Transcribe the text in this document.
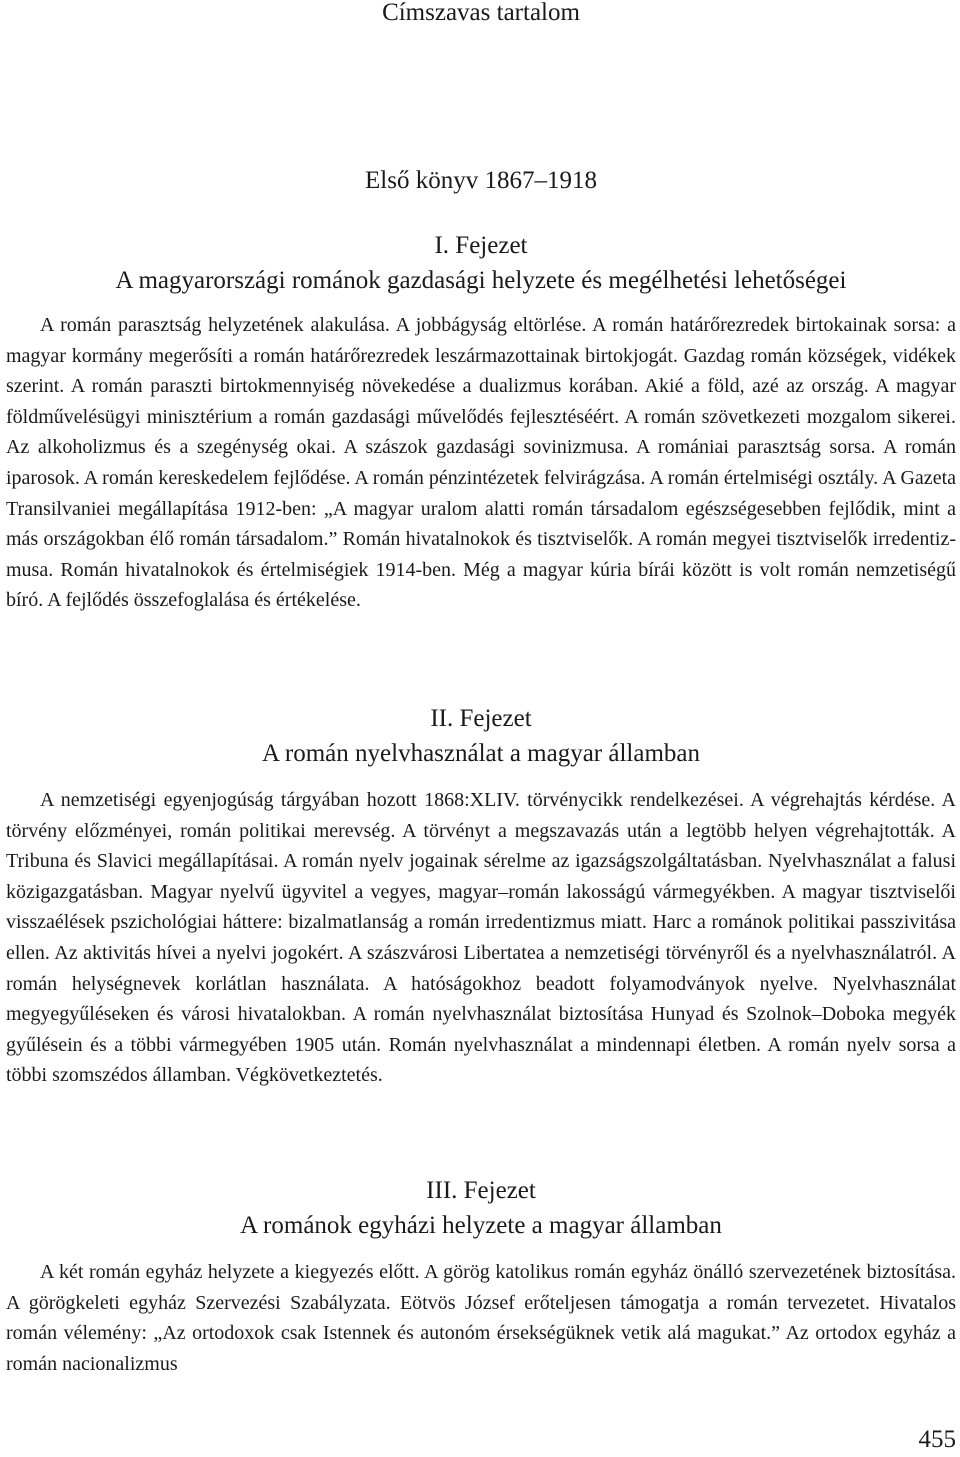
Címszavas tartalom
Első könyv 1867–1918
I. Fejezet
A magyarországi románok gazdasági helyzete és megélhetési lehetőségei

A román parasztság helyzetének alakulása. A jobbágyság eltörlése. A román határőrezredek birtokainak sorsa: a magyar kormány megerősíti a román határőrezredek leszármazottainak birtokjogát. Gazdag román községek, vidékek szerint. A román paraszti birtokmennyiség növekedése a dualizmus korában. Akié a föld, azé az ország. A magyar földművelésügyi minisztérium a román gazdasági művelődés fejlesztéséért. A román szövetkezeti mozgalom sikerei. Az alkoholizmus és a szegénység okai. A szászok gazdasági sovinizmusa. A romániai parasztság sorsa. A román iparosok. A román kereskedelem fejlődése. A román pénzintézetek felvirágzása. A román értelmiségi osztály. A Gazeta Transilvaniei megállapítása 1912-ben: „A magyar uralom alatti román társadalom egészségesebben fejlődik, mint a más országokban élő román társadalom.” Román hivatalnokok és tisztviselők. A román megyei tisztviselők irredentizmusa. Román hivatalnokok és értelmiségiek 1914-ben. Még a magyar kúria bírái között is volt román nemzetiségű bíró. A fejlődés összefoglalása és értékelése.

II. Fejezet
A román nyelvhasználat a magyar államban

A nemzetiségi egyenjogúság tárgyában hozott 1868:XLIV. törvénycikk rendelkezései. A végrehajtás kérdése. A törvény előzményei, román politikai merevség. A törvényt a megszavazás után a legtöbb helyen végrehajtották. A Tribuna és Slavici megállapításai. A román nyelv jogainak sérelme az igazságszolgáltatásban. Nyelvhasználat a falusi közigazgatásban. Magyar nyelvű ügyvitel a vegyes, magyar–román lakosságú vármegyékben. A magyar tisztviselői visszaélések pszichológiai háttere: bizalmatlanság a román irredentizmus miatt. Harc a románok politikai passzivitása ellen. Az aktivitás hívei a nyelvi jogokért. A szászvárosi Libertatea a nemzetiségi törvényről és a nyelvhasználatról. A román helységnevek korlátlan használata. A hatóságokhoz beadott folyamodványok nyelve. Nyelvhasználat megyegyűléseken és városi hivatalokban. A román nyelvhasználat biztosítása Hunyad és Szolnok–Doboka megyék gyűlésein és a többi vármegyében 1905 után. Román nyelvhasználat a mindennapi életben. A román nyelv sorsa a többi szomszédos államban. Végkövetkeztetés.

III. Fejezet
A románok egyházi helyzete a magyar államban

A két román egyház helyzete a kiegyezés előtt. A görög katolikus román egyház önálló szervezetének biztosítása. A görögkeleti egyház Szervezési Szabályzata. Eötvös József erőteljesen támogatja a román tervezetet. Hivatalos román vélemény: „Az ortodoxok csak Istennek és autonóm érsekségüknek vetik alá magukat.” Az ortodox egyház a román nacionalizmus

455
